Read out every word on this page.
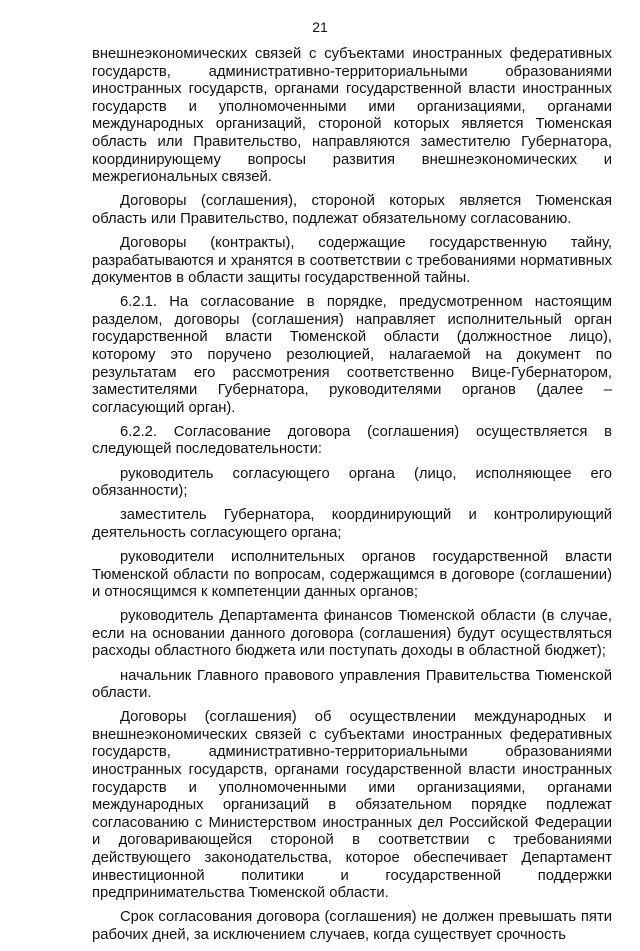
21

внешнеэкономических связей с субъектами иностранных федеративных государств, административно-территориальными образованиями иностранных государств, органами государственной власти иностранных государств и уполномоченными ими организациями, органами международных организаций, стороной которых является Тюменская область или Правительство, направляются заместителю Губернатора, координирующему вопросы развития внешнеэкономических и межрегиональных связей.

Договоры (соглашения), стороной которых является Тюменская область или Правительство, подлежат обязательному согласованию.

Договоры (контракты), содержащие государственную тайну, разрабатываются и хранятся в соответствии с требованиями нормативных документов в области защиты государственной тайны.

6.2.1. На согласование в порядке, предусмотренном настоящим разделом, договоры (соглашения) направляет исполнительный орган государственной власти Тюменской области (должностное лицо), которому это поручено резолюцией, налагаемой на документ по результатам его рассмотрения соответственно Вице-Губернатором, заместителями Губернатора, руководителями органов (далее – согласующий орган).

6.2.2. Согласование договора (соглашения) осуществляется в следующей последовательности:

руководитель согласующего органа (лицо, исполняющее его обязанности);

заместитель Губернатора, координирующий и контролирующий деятельность согласующего органа;

руководители исполнительных органов государственной власти Тюменской области по вопросам, содержащимся в договоре (соглашении) и относящимся к компетенции данных органов;

руководитель Департамента финансов Тюменской области (в случае, если на основании данного договора (соглашения) будут осуществляться расходы областного бюджета или поступать доходы в областной бюджет);

начальник Главного правового управления Правительства Тюменской области.

Договоры (соглашения) об осуществлении международных и внешнеэкономических связей с субъектами иностранных федеративных государств, административно-территориальными образованиями иностранных государств, органами государственной власти иностранных государств и уполномоченными ими организациями, органами международных организаций в обязательном порядке подлежат согласованию с Министерством иностранных дел Российской Федерации и договаривающейся стороной в соответствии с требованиями действующего законодательства, которое обеспечивает Департамент инвестиционной политики и государственной поддержки предпринимательства Тюменской области.

Срок согласования договора (соглашения) не должен превышать пяти рабочих дней, за исключением случаев, когда существует срочность
